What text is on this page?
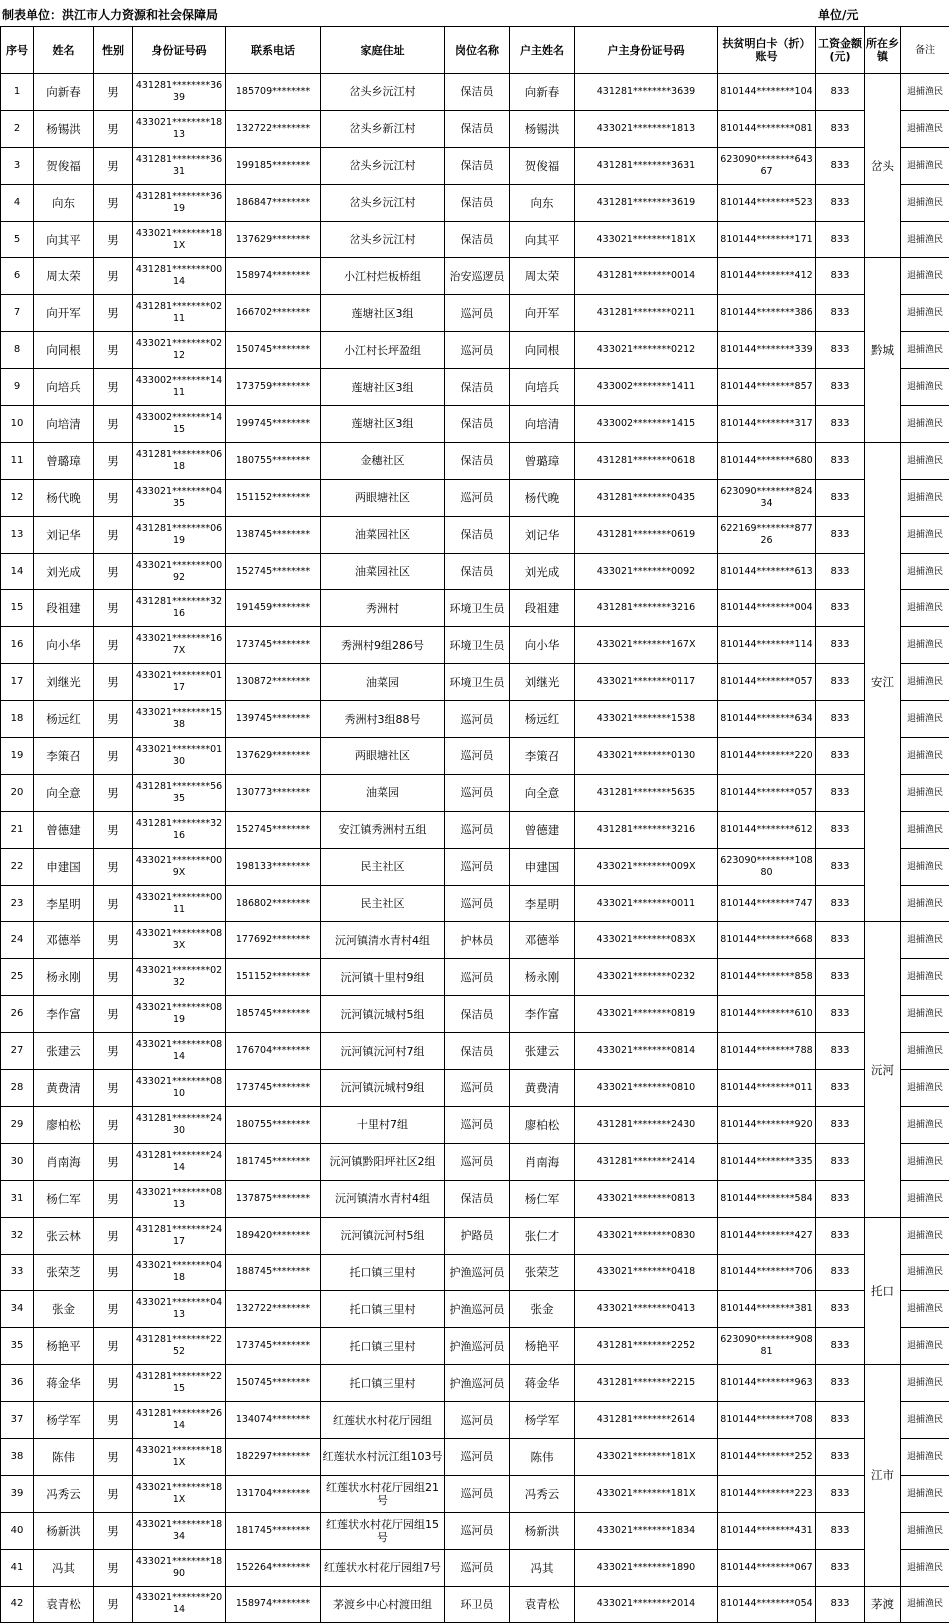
制表单位：洪江市人力资源和社会保障局	单位/元
序号	姓名	性别	身份证号码	联系电话	家庭住址	岗位名称	户主姓名	户主身份证号码	扶贫明白卡（折）账号	工资金额(元)	所在乡镇	备注
1	向新春	男	431281********3639	185709********	岔头乡沅江村	保洁员	向新春	431281********3639	810144********104	833	岔头	退捕渔民
2	杨锡洪	男	433021********1813	132722********	岔头乡新江村	保洁员	杨锡洪	433021********1813	810144********081	833		退捕渔民
3	贺俊福	男	431281********3631	199185********	岔头乡沅江村	保洁员	贺俊福	431281********3631	623090********64367	833		退捕渔民
4	向东	男	431281********3619	186847********	岔头乡沅江村	保洁员	向东	431281********3619	810144********523	833		退捕渔民
5	向其平	男	433021********181X	137629********	岔头乡沅江村	保洁员	向其平	433021********181X	810144********171	833		退捕渔民
6	周太荣	男	431281********0014	158974********	小江村烂板桥组	治安巡逻员	周太荣	431281********0014	810144********412	833	黔城	退捕渔民
7	向开军	男	431281********0211	166702********	莲塘社区3组	巡河员	向开军	431281********0211	810144********386	833		退捕渔民
8	向同根	男	433021********0212	150745********	小江村长坪盈组	巡河员	向同根	433021********0212	810144********339	833		退捕渔民
9	向培兵	男	433002********1411	173759********	莲塘社区3组	保洁员	向培兵	433002********1411	810144********857	833		退捕渔民
10	向培清	男	433002********1415	199745********	莲塘社区3组	保洁员	向培清	433002********1415	810144********317	833		退捕渔民
11	曾璐璋	男	431281********0618	180755********	金穗社区	保洁员	曾璐璋	431281********0618	810144********680	833	安江	退捕渔民
12	杨代晚	男	433021********0435	151152********	两眼塘社区	巡河员	杨代晚	431281********0435	623090********82434	833		退捕渔民
13	刘记华	男	431281********0619	138745********	油菜园社区	保洁员	刘记华	431281********0619	622169********87726	833		退捕渔民
14	刘光成	男	433021********0092	152745********	油菜园社区	保洁员	刘光成	433021********0092	810144********613	833		退捕渔民
15	段祖建	男	431281********3216	191459********	秀洲村	环境卫生员	段祖建	431281********3216	810144********004	833		退捕渔民
16	向小华	男	433021********167X	173745********	秀洲村9组286号	环境卫生员	向小华	433021********167X	810144********114	833		退捕渔民
17	刘继光	男	433021********0117	130872********	油菜园	环境卫生员	刘继光	433021********0117	810144********057	833		退捕渔民
18	杨远红	男	433021********1538	139745********	秀洲村3组88号	巡河员	杨远红	433021********1538	810144********634	833		退捕渔民
19	李策召	男	433021********0130	137629********	两眼塘社区	巡河员	李策召	433021********0130	810144********220	833		退捕渔民
20	向全意	男	431281********5635	130773********	油菜园	巡河员	向全意	431281********5635	810144********057	833		退捕渔民
21	曾德建	男	431281********3216	152745********	安江镇秀洲村五组	巡河员	曾德建	431281********3216	810144********612	833		退捕渔民
22	申建国	男	433021********009X	198133********	民主社区	巡河员	申建国	433021********009X	623090********10880	833		退捕渔民
23	李星明	男	433021********0011	186802********	民主社区	巡河员	李星明	433021********0011	810144********747	833		退捕渔民
24	邓德举	男	433021********083X	177692********	沅河镇清水青村4组	护林员	邓德举	433021********083X	810144********668	833	沅河	退捕渔民
25	杨永刚	男	433021********0232	151152********	沅河镇十里村9组	巡河员	杨永刚	433021********0232	810144********858	833		退捕渔民
26	李作富	男	433021********0819	185745********	沅河镇沅城村5组	保洁员	李作富	433021********0819	810144********610	833		退捕渔民
27	张建云	男	433021********0814	176704********	沅河镇沅河村7组	保洁员	张建云	433021********0814	810144********788	833		退捕渔民
28	黄费清	男	433021********0810	173745********	沅河镇沅城村9组	巡河员	黄费清	433021********0810	810144********011	833		退捕渔民
29	廖柏松	男	431281********2430	180755********	十里村7组	巡河员	廖柏松	431281********2430	810144********920	833		退捕渔民
30	肖南海	男	431281********2414	181745********	沅河镇黔阳坪社区2组	巡河员	肖南海	431281********2414	810144********335	833		退捕渔民
31	杨仁军	男	433021********0813	137875********	沅河镇清水青村4组	保洁员	杨仁军	433021********0813	810144********584	833		退捕渔民
32	张云林	男	431281********2417	189420********	沅河镇沅河村5组	护路员	张仁才	433021********0830	810144********427	833	托口	退捕渔民
33	张荣芝	男	433021********0418	188745********	托口镇三里村	护渔巡河员	张荣芝	433021********0418	810144********706	833		退捕渔民
34	张金	男	433021********0413	132722********	托口镇三里村	护渔巡河员	张金	433021********0413	810144********381	833		退捕渔民
35	杨艳平	男	431281********2252	173745********	托口镇三里村	护渔巡河员	杨艳平	431281********2252	623090********90881	833		退捕渔民
36	蒋金华	男	431281********2215	150745********	托口镇三里村	护渔巡河员	蒋金华	431281********2215	810144********963	833	江市	退捕渔民
37	杨学军	男	431281********2614	134074********	红莲状水村花厅园组	巡河员	杨学军	431281********2614	810144********708	833		退捕渔民
38	陈伟	男	433021********181X	182297********	红莲状水村沅江组103号	巡河员	陈伟	433021********181X	810144********252	833		退捕渔民
39	冯秀云	男	433021********181X	131704********	红莲状水村花厅园组21号	巡河员	冯秀云	433021********181X	810144********223	833		退捕渔民
40	杨新洪	男	433021********1834	181745********	红莲状水村花厅园组15号	巡河员	杨新洪	433021********1834	810144********431	833		退捕渔民
41	冯其	男	433021********1890	152264********	红莲状水村花厅园组7号	巡河员	冯其	433021********1890	810144********067	833		退捕渔民
42	袁青松	男	433021********2014	158974********	茅渡乡中心村渡田组	环卫员	袁青松	433021********2014	810144********054	833	茅渡	退捕渔民
